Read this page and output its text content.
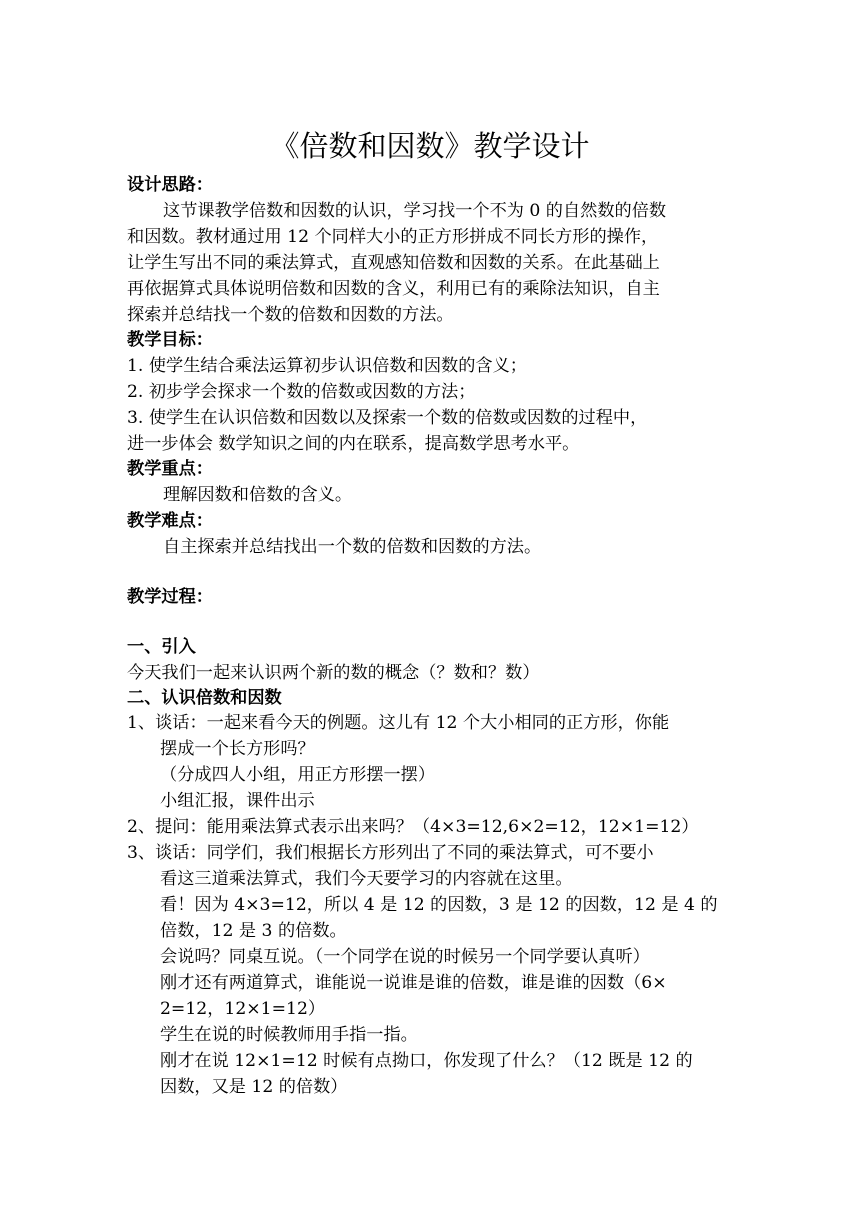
《倍数和因数》教学设计
设计思路：
这节课教学倍数和因数的认识，学习找一个不为 0 的自然数的倍数
和因数。教材通过用 12 个同样大小的正方形拼成不同长方形的操作，
让学生写出不同的乘法算式，直观感知倍数和因数的关系。在此基础上
再依据算式具体说明倍数和因数的含义，利用已有的乘除法知识，自主
探索并总结找一个数的倍数和因数的方法。
教学目标：
1. 使学生结合乘法运算初步认识倍数和因数的含义；
2. 初步学会探求一个数的倍数或因数的方法；
3. 使学生在认识倍数和因数以及探索一个数的倍数或因数的过程中，
进一步体会 数学知识之间的内在联系，提高数学思考水平。
教学重点：
理解因数和倍数的含义。
教学难点：
自主探索并总结找出一个数的倍数和因数的方法。
教学过程：
一、引入
今天我们一起来认识两个新的数的概念（？数和？数）
二、认识倍数和因数
1、谈话：一起来看今天的例题。这儿有 12 个大小相同的正方形，你能
摆成一个长方形吗？
（分成四人小组，用正方形摆一摆）
小组汇报，课件出示
2、提问：能用乘法算式表示出来吗？（4×3=12,6×2=12，12×1=12）
3、谈话：同学们，我们根据长方形列出了不同的乘法算式，可不要小
看这三道乘法算式，我们今天要学习的内容就在这里。
看！因为 4×3=12，所以 4 是 12 的因数，3 是 12 的因数，12 是 4 的
倍数，12 是 3 的倍数。
会说吗？同桌互说。（一个同学在说的时候另一个同学要认真听）
刚才还有两道算式，谁能说一说谁是谁的倍数，谁是谁的因数（6×
2=12，12×1=12）
学生在说的时候教师用手指一指。
刚才在说 12×1=12 时候有点拗口，你发现了什么？（12 既是 12 的
因数，又是 12 的倍数）
